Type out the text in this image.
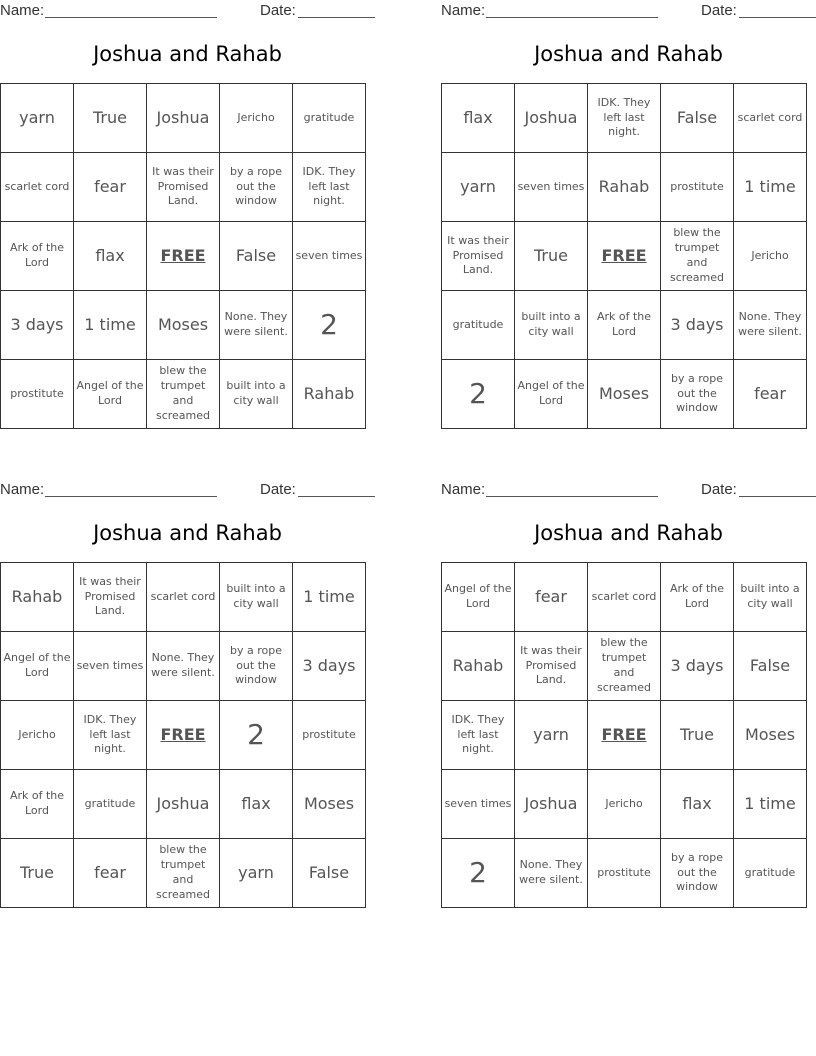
Name:	Date:
Joshua and Rahab
yarn	True	Joshua	Jericho	gratitude
scarlet cord	fear	It was their Promised Land.	by a rope out the window	IDK. They left last night.
Ark of the Lord	flax	FREE	False	seven times
3 days	1 time	Moses	None. They were silent.	2
prostitute	Angel of the Lord	blew the trumpet and screamed	built into a city wall	Rahab
Name:	Date:
Joshua and Rahab
flax	Joshua	IDK. They left last night.	False	scarlet cord
yarn	seven times	Rahab	prostitute	1 time
It was their Promised Land.	True	FREE	blew the trumpet and screamed	Jericho
gratitude	built into a city wall	Ark of the Lord	3 days	None. They were silent.
2	Angel of the Lord	Moses	by a rope out the window	fear
Name:	Date:
Joshua and Rahab
Rahab	It was their Promised Land.	scarlet cord	built into a city wall	1 time
Angel of the Lord	seven times	None. They were silent.	by a rope out the window	3 days
Jericho	IDK. They left last night.	FREE	2	prostitute
Ark of the Lord	gratitude	Joshua	flax	Moses
True	fear	blew the trumpet and screamed	yarn	False
Name:	Date:
Joshua and Rahab
Angel of the Lord	fear	scarlet cord	Ark of the Lord	built into a city wall
Rahab	It was their Promised Land.	blew the trumpet and screamed	3 days	False
IDK. They left last night.	yarn	FREE	True	Moses
seven times	Joshua	Jericho	flax	1 time
2	None. They were silent.	prostitute	by a rope out the window	gratitude
